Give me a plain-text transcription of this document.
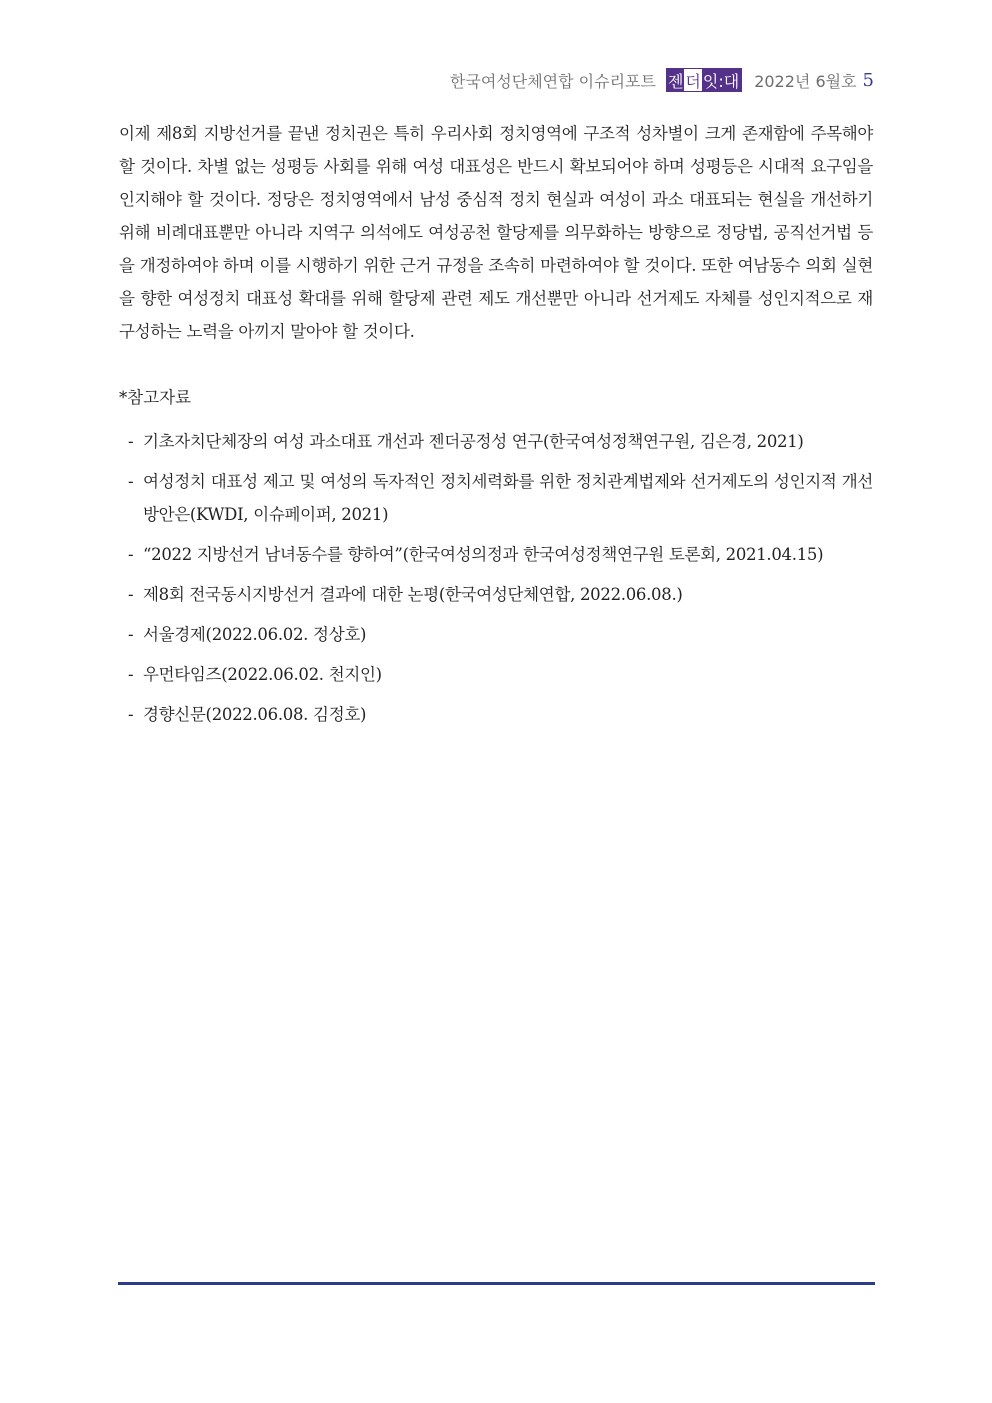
한국여성단체연합 이슈리포트 젠 더 잇:대 2022년 6월호 5
이제 제8회 지방선거를 끝낸 정치권은 특히 우리사회 정치영역에 구조적 성차별이 크게 존재함에 주목해야 할 것이다. 차별 없는 성평등 사회를 위해 여성 대표성은 반드시 확보되어야 하며 성평등은 시대적 요구임을 인지해야 할 것이다. 정당은 정치영역에서 남성 중심적 정치 현실과 여성이 과소 대표되는 현실을 개선하기 위해 비례대표뿐만 아니라 지역구 의석에도 여성공천 할당제를 의무화하는 방향으로 정당법, 공직선거법 등을 개정하여야 하며 이를 시행하기 위한 근거 규정을 조속히 마련하여야 할 것이다. 또한 여남동수 의회 실현을 향한 여성정치 대표성 확대를 위해 할당제 관련 제도 개선뿐만 아니라 선거제도 자체를 성인지적으로 재구성하는 노력을 아끼지 말아야 할 것이다.
*참고자료
- 기초자치단체장의 여성 과소대표 개선과 젠더공정성 연구(한국여성정책연구원, 김은경, 2021)
- 여성정치 대표성 제고 및 여성의 독자적인 정치세력화를 위한 정치관계법제와 선거제도의 성인지적 개선방안은(KWDI, 이슈페이퍼, 2021)
- “2022 지방선거 남녀동수를 향하여”(한국여성의정과 한국여성정책연구원 토론회, 2021.04.15)
- 제8회 전국동시지방선거 결과에 대한 논평(한국여성단체연합, 2022.06.08.)
- 서울경제(2022.06.02. 정상호)
- 우먼타임즈(2022.06.02. 천지인)
- 경향신문(2022.06.08. 김정호)
